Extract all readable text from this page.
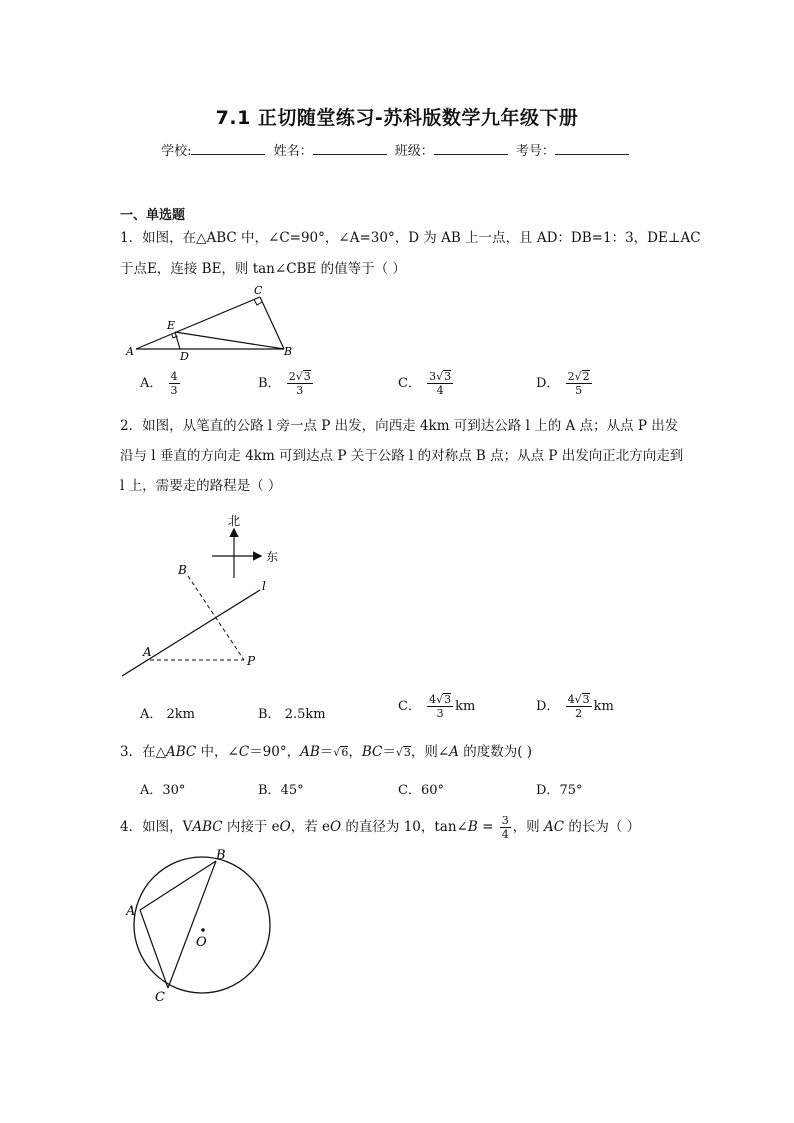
7.1 正切随堂练习-苏科版数学九年级下册
学校:	姓名：	班级：	考号：
一、单选题
1．如图，在△ABC 中，∠C=90°，∠A=30°，D 为 AB 上一点，且 AD：DB=1：3，DE⊥AC
于点E，连接 BE，则 tan∠CBE 的值等于（ ）
A	B
C
D
E
A． $\frac{4}{3}$	B． $\frac{2√3}{3}$	C． $\frac{3√3}{4}$	D． $\frac{2√2}{5}$
2．如图，从笔直的公路 l 旁一点 P 出发，向西走 4km 可到达公路 l 上的 A 点；从点 P 出发
沿与 l 垂直的方向走 4km 可到达点 P 关于公路 l 的对称点 B 点；从点 P 出发向正北方向走到
l 上，需要走的路程是（ ）
北
东
B
l
A
P
A． 2km	B． 2.5km
C． $\frac{4√3}{3}$ km	D． $\frac{4√3}{2}$ km
3．在△ABC 中，∠C＝90°，AB＝√6，BC＝√3，则∠A 的度数为( )
A．30°	B．45°	C．60°	D．75°
4．如图，VABC 内接于 eO，若 eO 的直径为 10，tan∠B = $\frac{3}{4}$ ，则 AC 的长为（ ）
A
B
C
O
